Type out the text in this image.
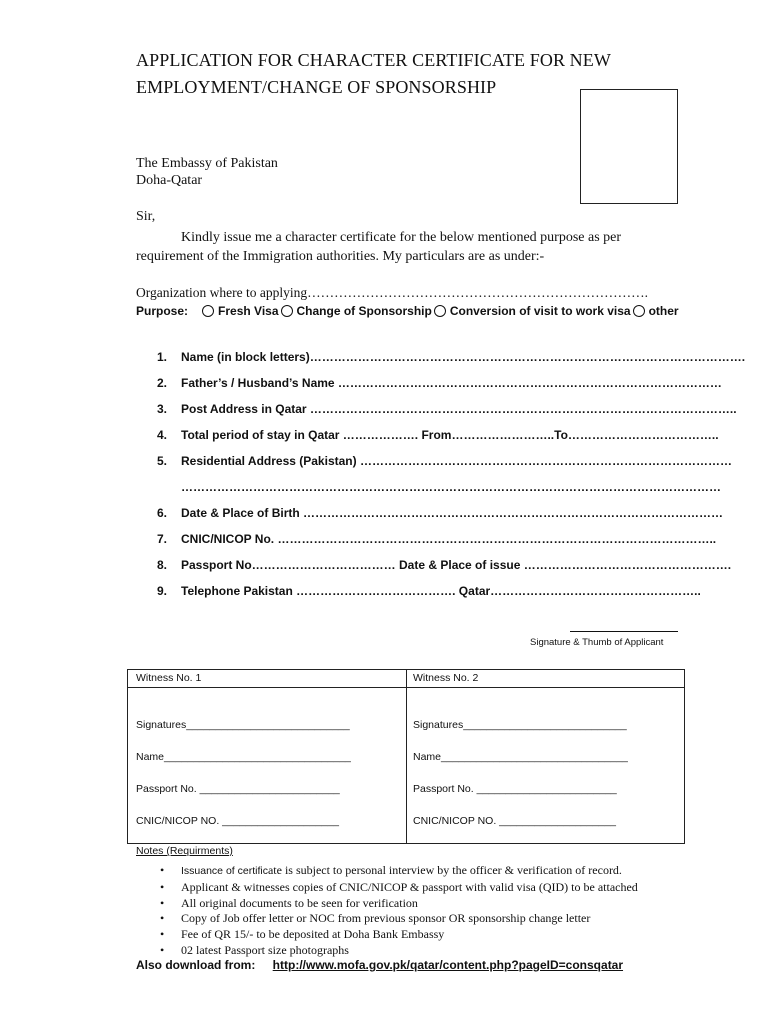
APPLICATION FOR CHARACTER CERTIFICATE FOR NEW
EMPLOYMENT/CHANGE OF SPONSORSHIP
The Embassy of Pakistan
Doha-Qatar
Sir,
Kindly issue me a character certificate for the below mentioned purpose as per
requirement of the Immigration authorities. My particulars are as under:-
Organization where to applying………………………………………………………………….
Purpose:	Fresh Visa Change of Sponsorship Conversion of visit to work visa other
1.	Name (in block letters)……………………………………………………………………………………………….
2.	Father’s / Husband’s Name ……………………………………………………………………………………
3.	Post Address in Qatar ……………………………………………………………………………………………..
4.	Total period of stay in Qatar ………………. From……………………..To………………………………..
5.	Residential Address (Pakistan) …………………………………………………………………………………
………………………………………………………………………………………………………………………
6.	Date & Place of Birth ……………………………………………………………………………………………
7.	CNIC/NICOP No. ………………………………………………………………………………………………..
8.	Passport No……………………………… Date & Place of issue …………………………………………….
9.	Telephone Pakistan …………………………………. Qatar……………………………………………..
Signature & Thumb of Applicant
Witness No. 1
Signatures____________________________
Name________________________________
Passport No. ________________________
CNIC/NICOP NO. ____________________
Witness No. 2
Signatures____________________________
Name________________________________
Passport No. ________________________
CNIC/NICOP NO. ____________________
Notes (Requirments)
• Issuance of certificate is subject to personal interview by the officer & verification of record.
• Applicant & witnesses copies of CNIC/NICOP & passport with valid visa (QID) to be attached
• All original documents to be seen for verification
• Copy of Job offer letter or NOC from previous sponsor OR sponsorship change letter
• Fee of QR 15/- to be deposited at Doha Bank Embassy
• 02 latest Passport size photographs
Also download from: http://www.mofa.gov.pk/qatar/content.php?pageID=consqatar
